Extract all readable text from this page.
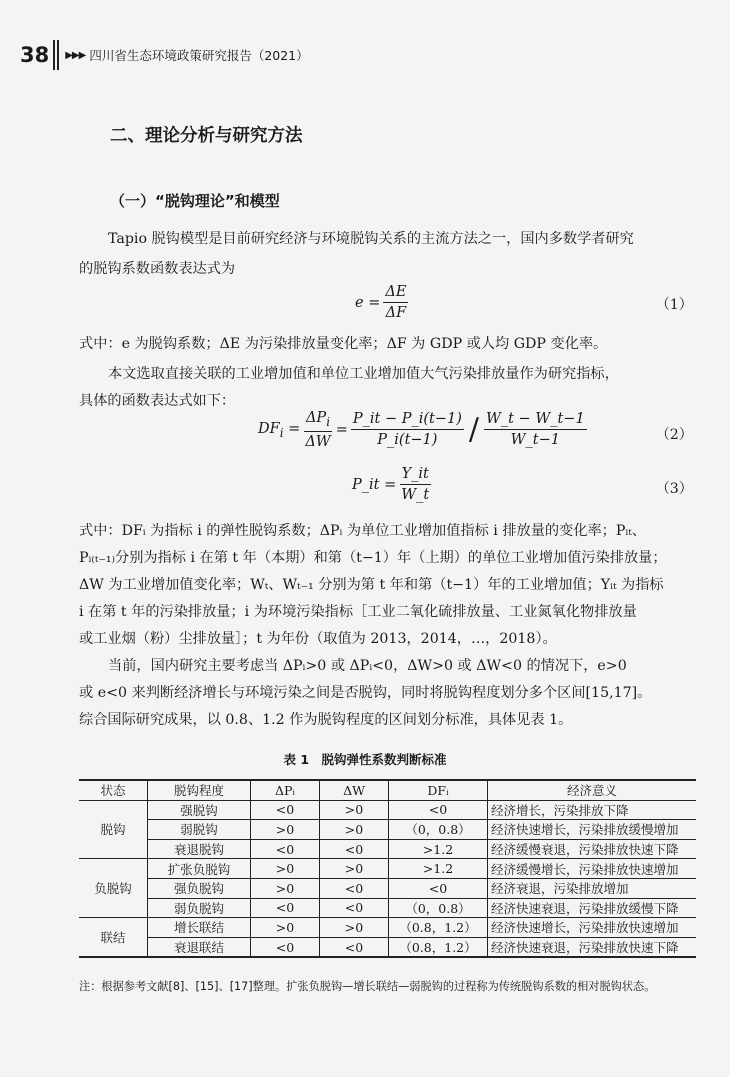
38 ▶▶▶ 四川省生态环境政策研究报告（2021）
二、理论分析与研究方法
（一）“脱钩理论”和模型
Tapio 脱钩模型是目前研究经济与环境脱钩关系的主流方法之一，国内多数学者研究
的脱钩系数函数表达式为
$e = \frac{\Delta E}{\Delta F}$	（1）
式中：e 为脱钩系数；ΔE 为污染排放量变化率；ΔF 为 GDP 或人均 GDP 变化率。
本文选取直接关联的工业增加值和单位工业增加值大气污染排放量作为研究指标，
具体的函数表达式如下：
$DF_i = \frac{\Delta P_i}{\Delta W} = \frac{P\_it - P\_i(t-1)}{P\_i(t-1)} / \frac{W\_t - W\_t-1}{W\_t-1}$	（2）
P_it = $\frac{Y\_it}{W\_t}$	（3）
式中：DFᵢ 为指标 i 的弹性脱钩系数；ΔPᵢ 为单位工业增加值指标 i 排放量的变化率；Pᵢₜ、
Pᵢ₍ₜ₋₁₎分别为指标 i 在第 t 年（本期）和第（t−1）年（上期）的单位工业增加值污染排放量；
ΔW 为工业增加值变化率；Wₜ、Wₜ₋₁ 分别为第 t 年和第（t−1）年的工业增加值；Yᵢₜ 为指标
i 在第 t 年的污染排放量；i 为环境污染指标［工业二氧化硫排放量、工业氮氧化物排放量
或工业烟（粉）尘排放量］；t 为年份（取值为 2013，2014，…，2018）。
当前，国内研究主要考虑当 ΔPᵢ>0 或 ΔPᵢ<0，ΔW>0 或 ΔW<0 的情况下，e>0
或 e<0 来判断经济增长与环境污染之间是否脱钩，同时将脱钩程度划分多个区间[15,17]。
综合国际研究成果，以 0.8、1.2 作为脱钩程度的区间划分标准，具体见表 1。
表 1　脱钩弹性系数判断标准
状态	脱钩程度	ΔPᵢ	ΔW	DFᵢ	经济意义
脱钩	强脱钩	<0	>0	<0	经济增长，污染排放下降
	弱脱钩	>0	>0	（0，0.8）	经济快速增长，污染排放缓慢增加
	衰退脱钩	<0	<0	>1.2	经济缓慢衰退，污染排放快速下降
负脱钩	扩张负脱钩	>0	>0	>1.2	经济缓慢增长，污染排放快速增加
	强负脱钩	>0	<0	<0	经济衰退，污染排放增加
	弱负脱钩	<0	<0	（0，0.8）	经济快速衰退，污染排放缓慢下降
联结	增长联结	>0	>0	（0.8，1.2）	经济快速增长，污染排放快速增加
	衰退联结	<0	<0	（0.8，1.2）	经济快速衰退，污染排放快速下降
注：根据参考文献[8]、[15]、[17]整理。扩张负脱钩—增长联结—弱脱钩的过程称为传统脱钩系数的相对脱钩状态。
